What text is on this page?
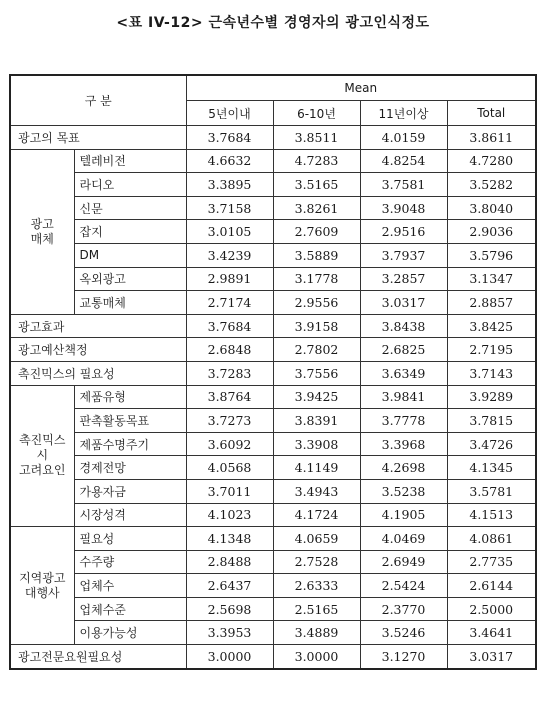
<표 IV-12> 근속년수별 경영자의 광고인식정도
구 분		Mean			
		5년이내	6-10년	11년이상	Total
광고의 목표		3.7684	3.8511	4.0159	3.8611

광고
매체	텔레비전	4.6632	4.7283	4.8254	4.7280
	라디오	3.3895	3.5165	3.7581	3.5282
	신문	3.7158	3.8261	3.9048	3.8040
	잡지	3.0105	2.7609	2.9516	2.9036
	DM	3.4239	3.5889	3.7937	3.5796
	옥외광고	2.9891	3.1778	3.2857	3.1347
	교통매체	2.7174	2.9556	3.0317	2.8857
광고효과		3.7684	3.9158	3.8438	3.8425
광고예산책정		2.6848	2.7802	2.6825	2.7195
촉진믹스의 필요성		3.7283	3.7556	3.6349	3.7143

촉진믹스
시
고려요인	제품유형	3.8764	3.9425	3.9841	3.9289
	판촉활동목표	3.7273	3.8391	3.7778	3.7815
	제품수명주기	3.6092	3.3908	3.3968	3.4726
	경제전망	4.0568	4.1149	4.2698	4.1345
	가용자금	3.7011	3.4943	3.5238	3.5781
	시장성격	4.1023	4.1724	4.1905	4.1513

지역광고
대행사	필요성	4.1348	4.0659	4.0469	4.0861
	수주량	2.8488	2.7528	2.6949	2.7735
	업체수	2.6437	2.6333	2.5424	2.6144
	업체수준	2.5698	2.5165	2.3770	2.5000
	이용가능성	3.3953	3.4889	3.5246	3.4641
광고전문요원필요성		3.0000	3.0000	3.1270	3.0317
